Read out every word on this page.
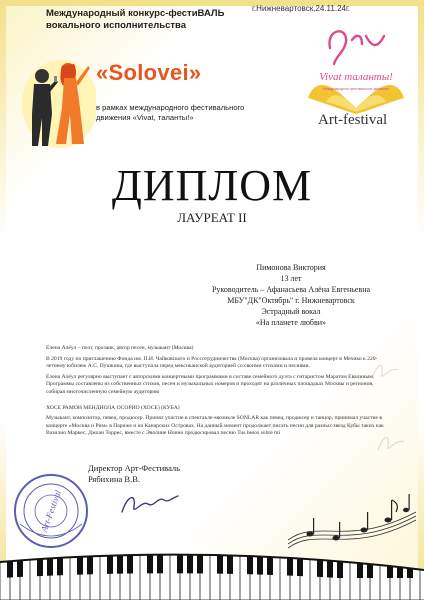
Международный конкурс-фестиВАЛЬ вокального исполнительства
г.Нижневартовск,24.11.24г.
«Solovei»
в рамках международного фестивального движения «Vivat, таланты!»
Vivat таланты!
Международное фестивальное движение
Art-festival
ДИПЛОМ
ЛАУРЕАТ II
Пимонова Виктория
13 лет
Руководитель – Афанасьева Алёна Евгеньевна
МБУ"ДК"Октябрь" г. Нижневартовск
Эстрадный вокал
«На планете любви»

Елена Алёул – поэт, прозаик, автор песен, музыкант (Москва)

В 2019 году по приглашению Фонда им. П.И. Чайковского и Россотрудничества (Москва) организовала и провела концерт в Мехико к 220-летнему юбилею А.С. Пушкина, где выступала перед мексиканской аудиторией со своими стихами и песнями.

Елена Алёул регулярно выступает с авторскими концертными программами в составе семейного дуэта с гитаристом Маратом Евалиным. Программы составлены из собственных стихов, песен и музыкальных номеров и проходят на различных площадках Москвы и регионов, собирая многочисленную семейную аудиторию

ХОСЕ РАМОН МЕНДИОЛА ОСОРИО (ХОСЕ) (КУБА)

Музыкант, композитор, певец, продюсер. Принял участие в спектакле-мюзикле SONLAR как певец, продюсер и танцор, принимал участие в концерте «Москва и Рим» в Париже и на Канарских Островах. На данный момент продолжает писать песни для разных звезд Кубы таких как Вазилио Маркес, Джоан Торрес, вместе с Эволине Ноино продюсировал песню Tus besos sobre mi

Директор Арт-Фестиваль
Рябихина В.В.
Art-Festival
